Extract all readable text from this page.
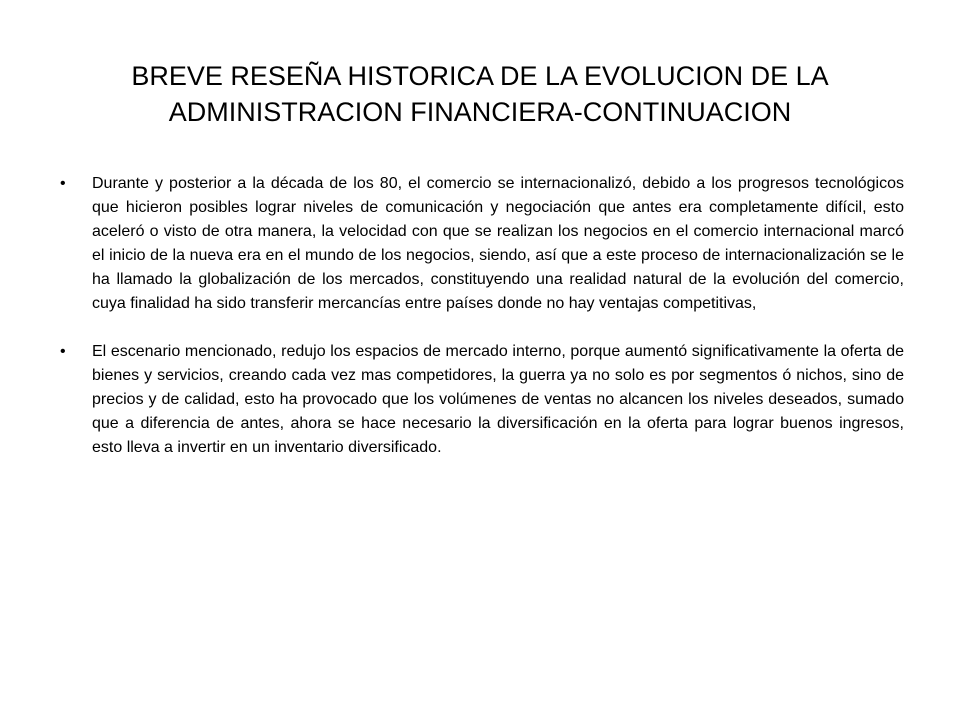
BREVE RESEÑA HISTORICA DE LA EVOLUCION DE LA ADMINISTRACION FINANCIERA-CONTINUACION
• Durante y posterior a la década de los 80, el comercio se internacionalizó, debido a los progresos tecnológicos que hicieron posibles lograr niveles de comunicación y negociación que antes era completamente difícil, esto aceleró o visto de otra manera, la velocidad con que se realizan los negocios en el comercio internacional marcó el inicio de la nueva era en el mundo de los negocios, siendo, así que a este proceso de internacionalización se le ha llamado la globalización de los mercados, constituyendo una realidad natural de la evolución del comercio, cuya finalidad ha sido transferir mercancías entre países donde no hay ventajas competitivas,
• El escenario mencionado, redujo los espacios de mercado interno, porque aumentó significativamente la oferta de bienes y servicios, creando cada vez mas competidores, la guerra ya no solo es por segmentos ó nichos, sino de precios y de calidad, esto ha provocado que los volúmenes de ventas no alcancen los niveles deseados, sumado que a diferencia de antes, ahora se hace necesario la diversificación en la oferta para lograr buenos ingresos, esto lleva a invertir en un inventario diversificado.
